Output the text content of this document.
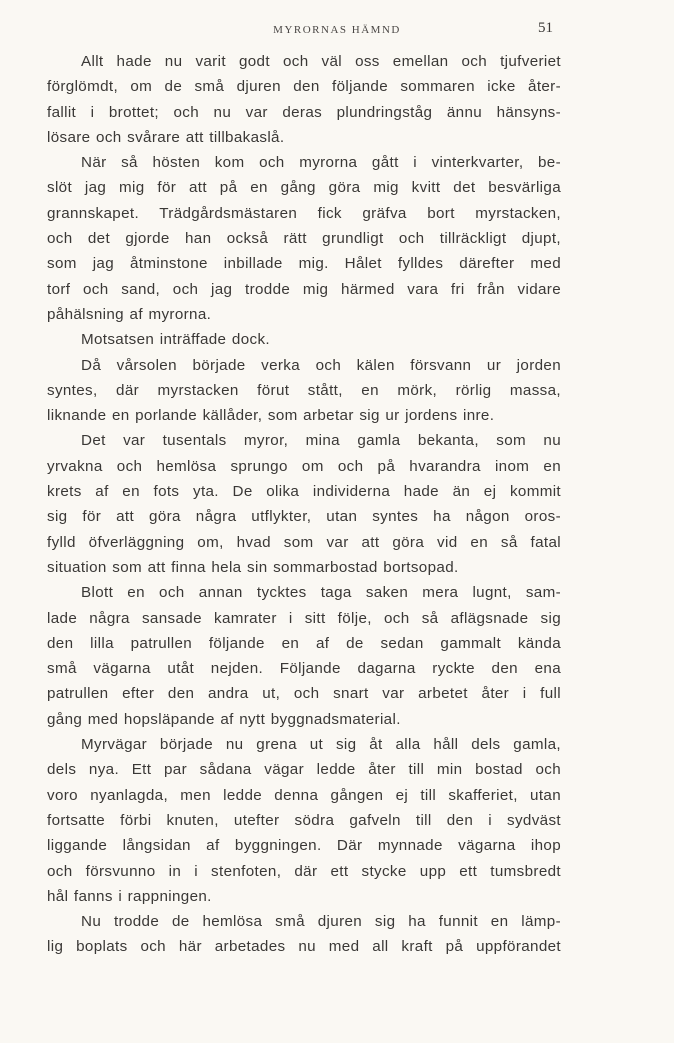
MYRORNAS HÄMND	51
Allt hade nu varit godt och väl oss emellan och tjufveriet
förglömdt, om de små djuren den följande sommaren icke åter-
fallit i brottet; och nu var deras plundringståg ännu hänsyns-
lösare och svårare att tillbakaslå.
När så hösten kom och myrorna gått i vinterkvarter, be-
slöt jag mig för att på en gång göra mig kvitt det besvärliga
grannskapet. Trädgårdsmästaren fick gräfva bort myrstacken,
och det gjorde han också rätt grundligt och tillräckligt djupt,
som jag åtminstone inbillade mig. Hålet fylldes därefter med
torf och sand, och jag trodde mig härmed vara fri från vidare
påhälsning af myrorna.
Motsatsen inträffade dock.
Då vårsolen började verka och kälen försvann ur jorden
syntes, där myrstacken förut stått, en mörk, rörlig massa,
liknande en porlande källåder, som arbetar sig ur jordens inre.
Det var tusentals myror, mina gamla bekanta, som nu
yrvakna och hemlösa sprungo om och på hvarandra inom en
krets af en fots yta. De olika individerna hade än ej kommit
sig för att göra några utflykter, utan syntes ha någon oros-
fylld öfverläggning om, hvad som var att göra vid en så fatal
situation som att finna hela sin sommarbostad bortsopad.
Blott en och annan tycktes taga saken mera lugnt, sam-
lade några sansade kamrater i sitt följe, och så aflägsnade sig
den lilla patrullen följande en af de sedan gammalt kända
små vägarna utåt nejden. Följande dagarna ryckte den ena
patrullen efter den andra ut, och snart var arbetet åter i full
gång med hopsläpande af nytt byggnadsmaterial.
Myrvägar började nu grena ut sig åt alla håll dels gamla,
dels nya. Ett par sådana vägar ledde åter till min bostad och
voro nyanlagda, men ledde denna gången ej till skafferiet, utan
fortsatte förbi knuten, utefter södra gafveln till den i sydväst
liggande långsidan af byggningen. Där mynnade vägarna ihop
och försvunno in i stenfoten, där ett stycke upp ett tumsbredt
hål fanns i rappningen.
Nu trodde de hemlösa små djuren sig ha funnit en lämp-
lig boplats och här arbetades nu med all kraft på uppförandet
